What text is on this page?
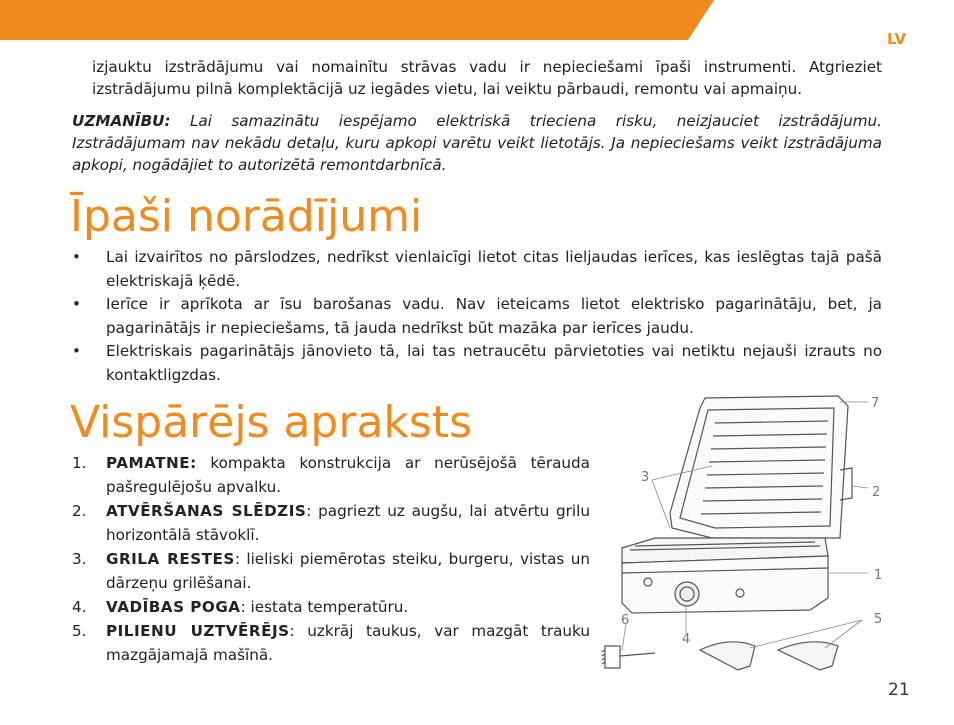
LV
izjauktu izstrādājumu vai nomainītu strāvas vadu ir nepieciešami īpaši instrumenti. Atgrieziet izstrādājumu pilnā komplektācijā uz iegādes vietu, lai veiktu pārbaudi, remontu vai apmaiņu.
UZMANĪBU: Lai samazinātu iespējamo elektriskā trieciena risku, neizjauciet izstrādājumu. Izstrādājumam nav nekādu detaļu, kuru apkopi varētu veikt lietotājs. Ja nepieciešams veikt izstrādājuma apkopi, nogādājiet to autorizētā remontdarbnīcā.
Īpaši norādījumi
• Lai izvairītos no pārslodzes, nedrīkst vienlaicīgi lietot citas lieljaudas ierīces, kas ieslēgtas tajā pašā elektriskajā ķēdē.
• Ierīce ir aprīkota ar īsu barošanas vadu. Nav ieteicams lietot elektrisko pagarinātāju, bet, ja pagarinātājs ir nepieciešams, tā jauda nedrīkst būt mazāka par ierīces jaudu.
• Elektriskais pagarinātājs jānovieto tā, lai tas netraucētu pārvietoties vai netiktu nejauši izrauts no kontaktligzdas.
Vispārējs apraksts
1. PAMATNE: kompakta konstrukcija ar nerūsējošā tērauda pašregulējošu apvalku.
2. ATVĒRŠANAS SLĒDZIS: pagriezt uz augšu, lai atvērtu grilu horizontālā stāvoklī.
3. GRILA RESTES: lieliski piemērotas steiku, burgeru, vistas un dārzeņu grilēšanai.
4. VADĪBAS POGA: iestata temperatūru.
5. PILIENU UZTVĒRĒJS: uzkrāj taukus, var mazgāt trauku mazgājamajā mašīnā.
7
3
2
1
6
4
5
21
